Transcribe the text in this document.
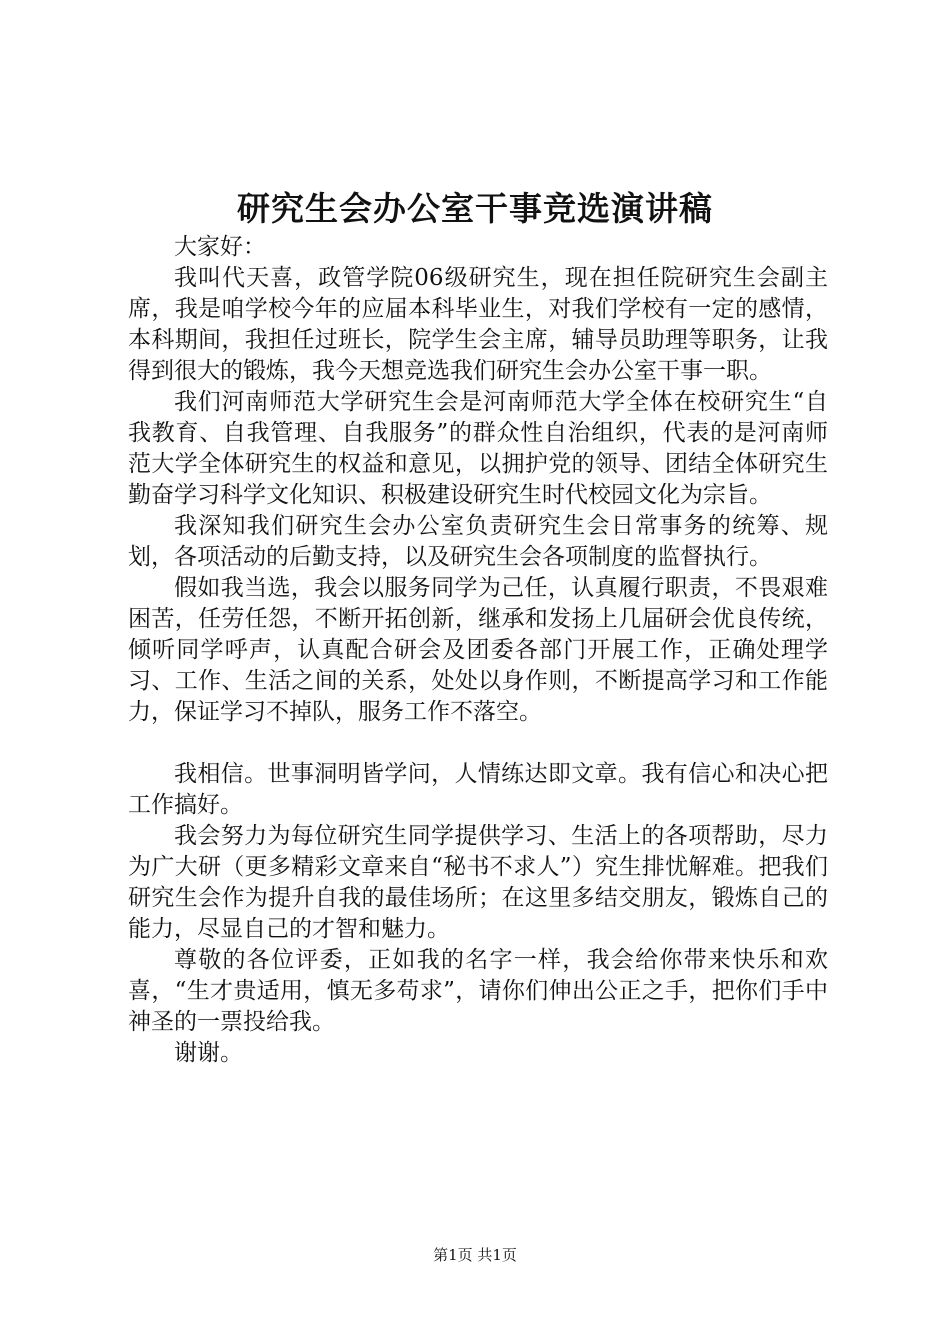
研究生会办公室干事竞选演讲稿

大家好：

我叫代天喜，政管学院06级研究生，现在担任院研究生会副主席，我是咱学校今年的应届本科毕业生，对我们学校有一定的感情，本科期间，我担任过班长，院学生会主席，辅导员助理等职务，让我得到很大的锻炼，我今天想竞选我们研究生会办公室干事一职。

我们河南师范大学研究生会是河南师范大学全体在校研究生“自我教育、自我管理、自我服务”的群众性自治组织，代表的是河南师范大学全体研究生的权益和意见，以拥护党的领导、团结全体研究生勤奋学习科学文化知识、积极建设研究生时代校园文化为宗旨。

我深知我们研究生会办公室负责研究生会日常事务的统筹、规划，各项活动的后勤支持，以及研究生会各项制度的监督执行。

假如我当选，我会以服务同学为己任，认真履行职责，不畏艰难困苦，任劳任怨，不断开拓创新，继承和发扬上几届研会优良传统，倾听同学呼声，认真配合研会及团委各部门开展工作，正确处理学习、工作、生活之间的关系，处处以身作则，不断提高学习和工作能力，保证学习不掉队，服务工作不落空。

我相信。世事洞明皆学问，人情练达即文章。我有信心和决心把工作搞好。

我会努力为每位研究生同学提供学习、生活上的各项帮助，尽力为广大研（更多精彩文章来自“秘书不求人”）究生排忧解难。把我们研究生会作为提升自我的最佳场所；在这里多结交朋友，锻炼自己的能力，尽显自己的才智和魅力。

尊敬的各位评委，正如我的名字一样，我会给你带来快乐和欢喜，“生才贵适用，慎无多苟求”，请你们伸出公正之手，把你们手中神圣的一票投给我。

谢谢。

第1页 共1页
